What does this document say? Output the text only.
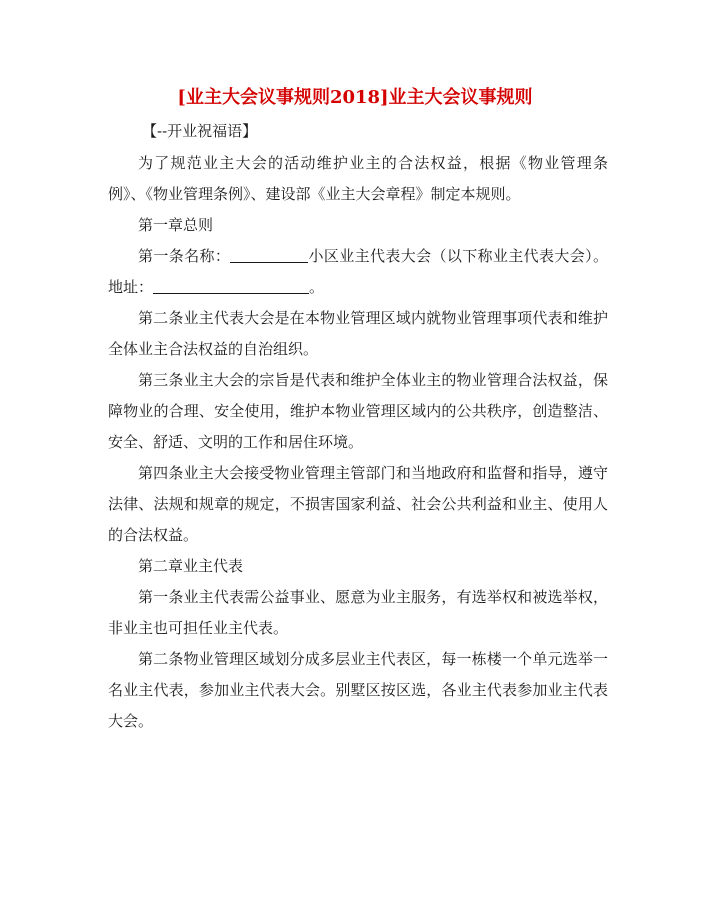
[业主大会议事规则2018]业主大会议事规则
【--开业祝福语】

为了规范业主大会的活动维护业主的合法权益，根据《物业管理条例》、《物业管理条例》、建设部《业主大会章程》制定本规则。

第一章总则

第一条名称：	小区业主代表大会（以下称业主代表大会）。地址：	。

第二条业主代表大会是在本物业管理区域内就物业管理事项代表和维护全体业主合法权益的自治组织。

第三条业主大会的宗旨是代表和维护全体业主的物业管理合法权益，保障物业的合理、安全使用，维护本物业管理区域内的公共秩序，创造整洁、安全、舒适、文明的工作和居住环境。

第四条业主大会接受物业管理主管部门和当地政府和监督和指导，遵守法律、法规和规章的规定，不损害国家利益、社会公共利益和业主、使用人的合法权益。

第二章业主代表

第一条业主代表需公益事业、愿意为业主服务，有选举权和被选举权，非业主也可担任业主代表。

第二条物业管理区域划分成多层业主代表区，每一栋楼一个单元选举一名业主代表，参加业主代表大会。别墅区按区选，各业主代表参加业主代表大会。
